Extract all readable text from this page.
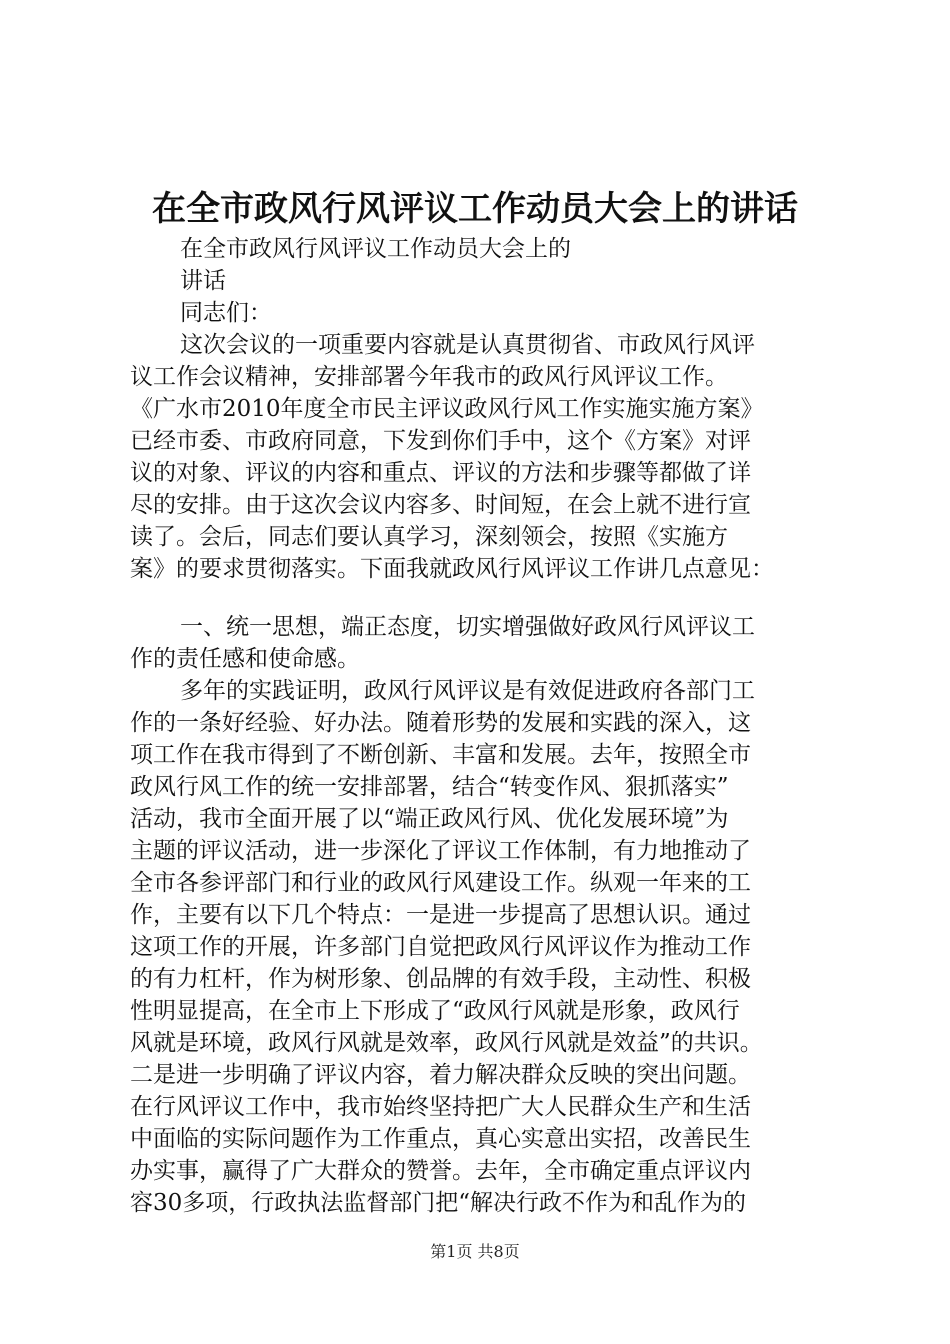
在全市政风行风评议工作动员大会上的讲话
在全市政风行风评议工作动员大会上的
讲话
同志们：
这次会议的一项重要内容就是认真贯彻省、市政风行风评
议工作会议精神，安排部署今年我市的政风行风评议工作。
《广水市2010年度全市民主评议政风行风工作实施实施方案》
已经市委、市政府同意，下发到你们手中，这个《方案》对评
议的对象、评议的内容和重点、评议的方法和步骤等都做了详
尽的安排。由于这次会议内容多、时间短，在会上就不进行宣
读了。会后，同志们要认真学习，深刻领会，按照《实施方
案》的要求贯彻落实。下面我就政风行风评议工作讲几点意见：
一、统一思想，端正态度，切实增强做好政风行风评议工
作的责任感和使命感。
多年的实践证明，政风行风评议是有效促进政府各部门工
作的一条好经验、好办法。随着形势的发展和实践的深入，这
项工作在我市得到了不断创新、丰富和发展。去年，按照全市
政风行风工作的统一安排部署，结合“转变作风、狠抓落实”
活动，我市全面开展了以“端正政风行风、优化发展环境”为
主题的评议活动，进一步深化了评议工作体制，有力地推动了
全市各参评部门和行业的政风行风建设工作。纵观一年来的工
作，主要有以下几个特点：一是进一步提高了思想认识。通过
这项工作的开展，许多部门自觉把政风行风评议作为推动工作
的有力杠杆，作为树形象、创品牌的有效手段，主动性、积极
性明显提高，在全市上下形成了“政风行风就是形象，政风行
风就是环境，政风行风就是效率，政风行风就是效益”的共识。
二是进一步明确了评议内容，着力解决群众反映的突出问题。
在行风评议工作中，我市始终坚持把广大人民群众生产和生活
中面临的实际问题作为工作重点，真心实意出实招，改善民生
办实事，赢得了广大群众的赞誉。去年，全市确定重点评议内
容30多项，行政执法监督部门把“解决行政不作为和乱作为的
第1页 共8页
